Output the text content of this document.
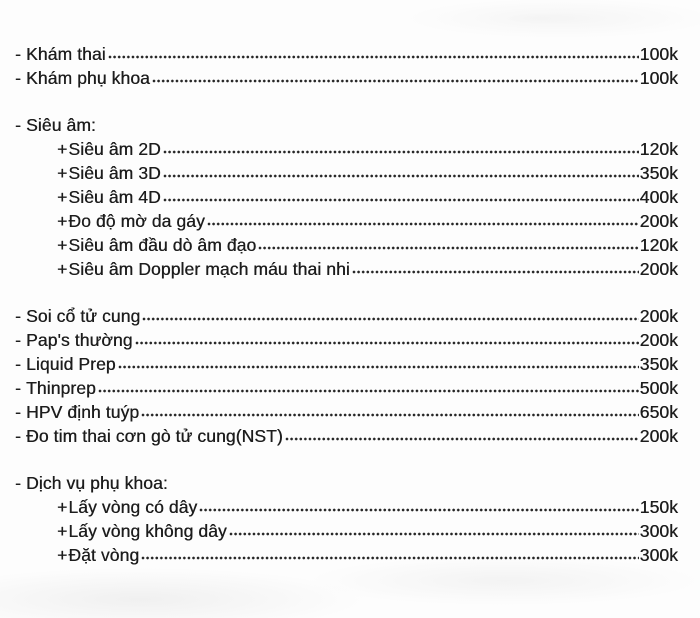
- Khám thai	100k
- Khám phụ khoa	100k
- Siêu âm:
+ Siêu âm 2D	120k
+ Siêu âm 3D	350k
+ Siêu âm 4D	400k
+ Đo độ mờ da gáy	200k
+ Siêu âm đầu dò âm đạo	120k
+ Siêu âm Doppler mạch máu thai nhi	200k
- Soi cổ tử cung	200k
- Pap's thường	200k
- Liquid Prep	350k
- Thinprep	500k
- HPV định tuýp	650k
- Đo tim thai cơn gò tử cung(NST)	200k
- Dịch vụ phụ khoa:
+ Lấy vòng có dây	150k
+ Lấy vòng không dây	300k
+ Đặt vòng	300k
